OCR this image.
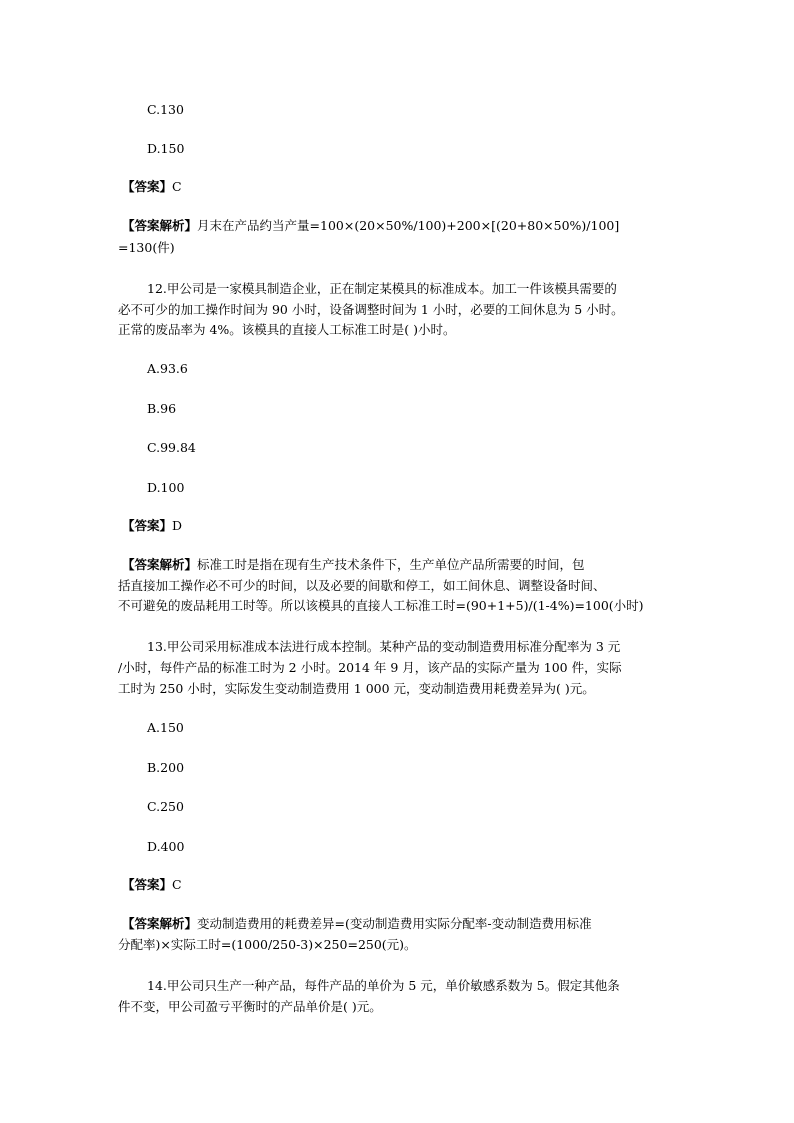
C.130
D.150
【答案】C
【答案解析】月末在产品约当产量=100×(20×50%/100)+200×[(20+80×50%)/100]
=130(件)
12.甲公司是一家模具制造企业，正在制定某模具的标准成本。加工一件该模具需要的
必不可少的加工操作时间为 90 小时，设备调整时间为 1 小时，必要的工间休息为 5 小时。
正常的废品率为 4%。该模具的直接人工标准工时是( )小时。
A.93.6
B.96
C.99.84
D.100
【答案】D
【答案解析】标准工时是指在现有生产技术条件下，生产单位产品所需要的时间，包
括直接加工操作必不可少的时间，以及必要的间歇和停工，如工间休息、调整设备时间、
不可避免的废品耗用工时等。所以该模具的直接人工标准工时=(90+1+5)/(1-4%)=100(小时)
13.甲公司采用标准成本法进行成本控制。某种产品的变动制造费用标准分配率为 3 元
/小时，每件产品的标准工时为 2 小时。2014 年 9 月，该产品的实际产量为 100 件，实际
工时为 250 小时，实际发生变动制造费用 1 000 元，变动制造费用耗费差异为( )元。
A.150
B.200
C.250
D.400
【答案】C
【答案解析】变动制造费用的耗费差异=(变动制造费用实际分配率-变动制造费用标准
分配率)×实际工时=(1000/250-3)×250=250(元)。
14.甲公司只生产一种产品，每件产品的单价为 5 元，单价敏感系数为 5。假定其他条
件不变，甲公司盈亏平衡时的产品单价是( )元。
